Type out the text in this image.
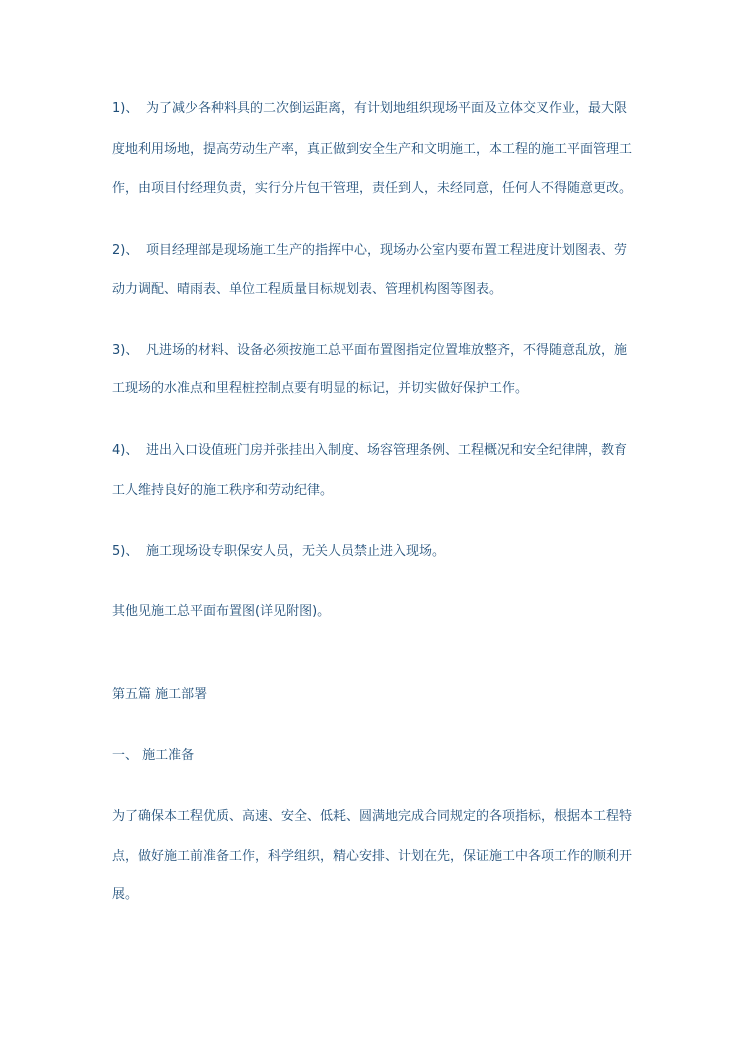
1)、 为了减少各种料具的二次倒运距离，有计划地组织现场平面及立体交叉作业，最大限
度地利用场地，提高劳动生产率，真正做到安全生产和文明施工，本工程的施工平面管理工
作，由项目付经理负责，实行分片包干管理，责任到人，未经同意，任何人不得随意更改。
2)、 项目经理部是现场施工生产的指挥中心，现场办公室内要布置工程进度计划图表、劳
动力调配、晴雨表、单位工程质量目标规划表、管理机构图等图表。
3)、 凡进场的材料、设备必须按施工总平面布置图指定位置堆放整齐，不得随意乱放，施
工现场的水准点和里程桩控制点要有明显的标记，并切实做好保护工作。
4)、 进出入口设值班门房并张挂出入制度、场容管理条例、工程概况和安全纪律牌，教育
工人维持良好的施工秩序和劳动纪律。
5)、 施工现场设专职保安人员，无关人员禁止进入现场。
其他见施工总平面布置图(详见附图)。
第五篇 施工部署
一、 施工准备
为了确保本工程优质、高速、安全、低耗、圆满地完成合同规定的各项指标，根据本工程特
点，做好施工前准备工作，科学组织，精心安排、计划在先，保证施工中各项工作的顺利开
展。
